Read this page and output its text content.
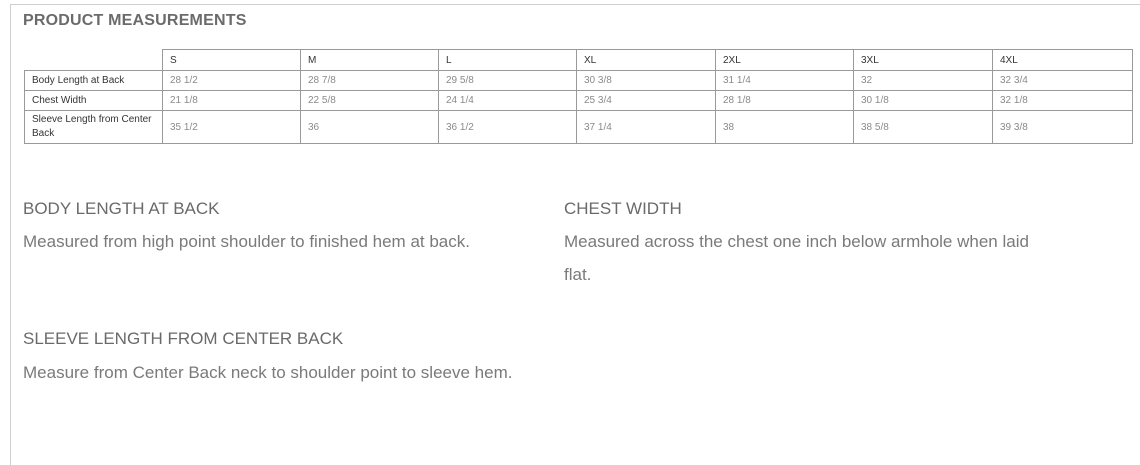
PRODUCT MEASUREMENTS
	S	M	L	XL	2XL	3XL	4XL
Body Length at Back	28 1/2	28 7/8	29 5/8	30 3/8	31 1/4	32	32 3/4
Chest Width	21 1/8	22 5/8	24 1/4	25 3/4	28 1/8	30 1/8	32 1/8
Sleeve Length from Center Back	35 1/2	36	36 1/2	37 1/4	38	38 5/8	39 3/8
BODY LENGTH AT BACK
Measured from high point shoulder to finished hem at back.
CHEST WIDTH
Measured across the chest one inch below armhole when laid flat.
SLEEVE LENGTH FROM CENTER BACK
Measure from Center Back neck to shoulder point to sleeve hem.
